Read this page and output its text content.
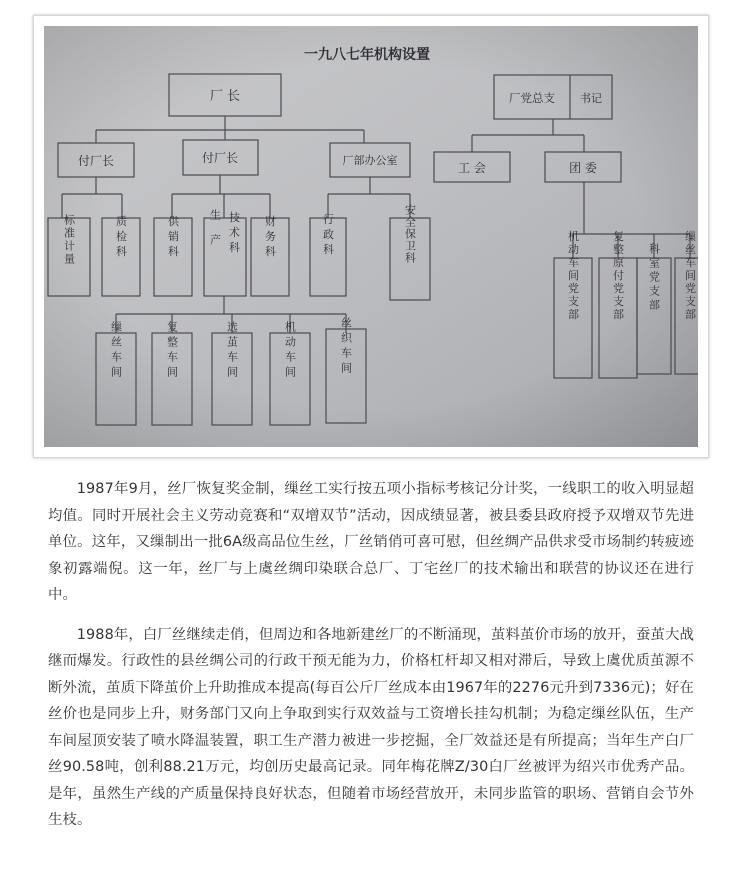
一九八七年机构设置
厂 长	厂党总支 书记
付厂长	付厂长	厂部办公室
工 会	团 委
标准计量	质检科	供销科	生产 技术科 财务科	行政科	安全保卫科
缫丝车间	复整车间	选茧车间	机动车间	丝织车间
机动车间党支部	复整原付党支部 科室党支部 缫丝车间党支部

1987年9月，丝厂恢复奖金制，缫丝工实行按五项小指标考核记分计奖，一线职工的收入明显超均值。同时开展社会主义劳动竞赛和“双增双节”活动，因成绩显著，被县委县政府授予双增双节先进单位。这年，又缫制出一批6A级高品位生丝，厂丝销俏可喜可慰，但丝绸产品供求受市场制约转疲迹象初露端倪。这一年，丝厂与上虞丝绸印染联合总厂、丁宅丝厂的技术输出和联营的协议还在进行中。

1988年，白厂丝继续走俏，但周边和各地新建丝厂的不断涌现，茧料茧价市场的放开，蚕茧大战继而爆发。行政性的县丝绸公司的行政干预无能为力，价格杠杆却又相对滞后，导致上虞优质茧源不断外流，茧质下降茧价上升助推成本提高(每百公斤厂丝成本由1967年的2276元升到7336元)；好在丝价也是同步上升，财务部门又向上争取到实行双效益与工资增长挂勾机制；为稳定缫丝队伍，生产车间屋顶安装了喷水降温装置，职工生产潜力被进一步挖掘，全厂效益还是有所提高；当年生产白厂丝90.58吨，创利88.21万元，均创历史最高记录。同年梅花牌Z/30白厂丝被评为绍兴市优秀产品。是年，虽然生产线的产质量保持良好状态，但随着市场经营放开，未同步监管的职场、营销自会节外生枝。
